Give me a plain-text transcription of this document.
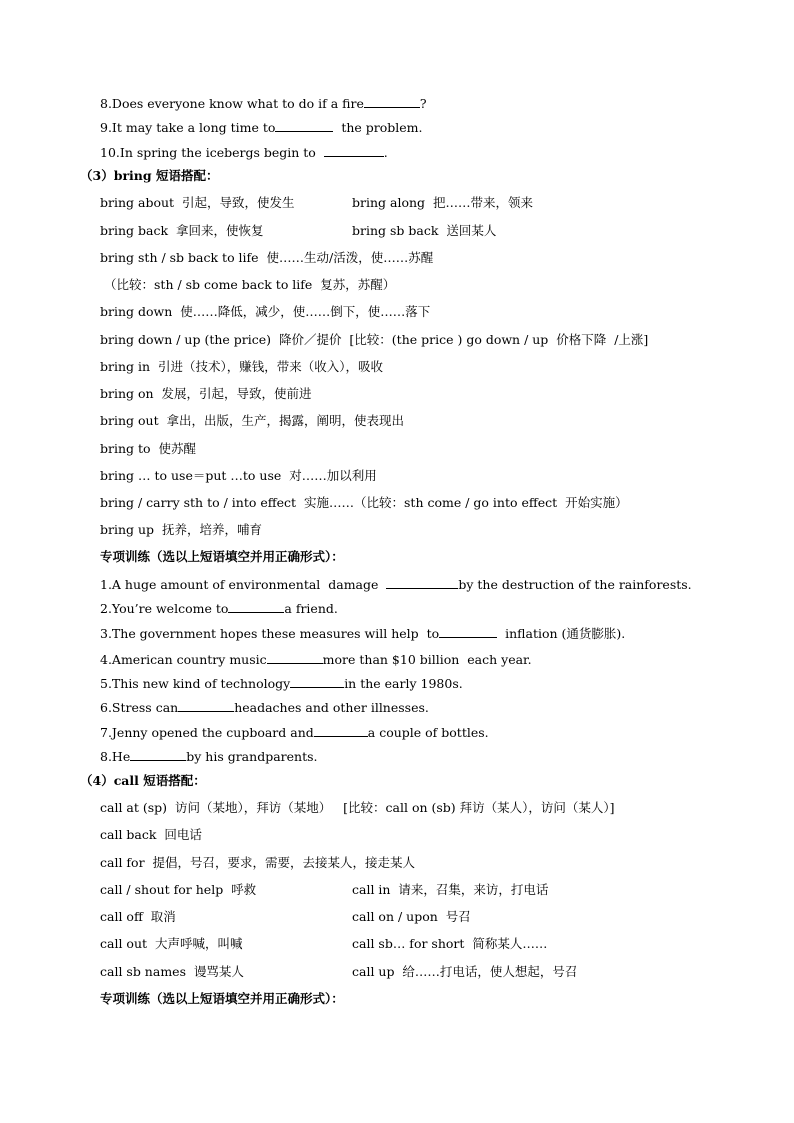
8.Does everyone know what to do if a fire	?
9.It may take a long time to	the problem.
10.In spring the icebergs begin to	.
（3）bring 短语搭配：
bring about  引起，导致，使发生	bring along  把……带来，领来
bring back  拿回来，使恢复	bring sb back  送回某人
bring sth / sb back to life  使……生动/活泼，使……苏醒
（比较：sth / sb come back to life  复苏，苏醒）
bring down  使……降低，减少，使……倒下，使……落下
bring down / up (the price)  降价／提价  [比较：(the price ) go down / up  价格下降  /上涨]
bring in  引进（技术），赚钱，带来（收入），吸收
bring on  发展，引起，导致，使前进
bring out  拿出，出版，生产，揭露，阐明，使表现出
bring to  使苏醒
bring … to use＝put …to use  对……加以利用
bring / carry sth to / into effect  实施……（比较：sth come / go into effect  开始实施）
bring up  抚养，培养，哺育
专项训练（选以上短语填空并用正确形式）：
1.A huge amount of environmental  damage	by the destruction of the rainforests.
2.You’re welcome to	a friend.
3.The government hopes these measures will help  to	inflation (通货膨胀).
4.American country music	more than $10 billion  each year.
5.This new kind of technology	in the early 1980s.
6.Stress can	headaches and other illnesses.
7.Jenny opened the cupboard and	a couple of bottles.
8.He	by his grandparents.
（4）call 短语搭配：
call at (sp)  访问（某地），拜访（某地）   [比较：call on (sb) 拜访（某人），访问（某人）]
call back  回电话
call for  提倡，号召，要求，需要，去接某人，接走某人
call / shout for help  呼救	call in  请来，召集，来访，打电话
call off  取消	call on / upon  号召
call out  大声呼喊，叫喊	call sb… for short  简称某人……
call sb names  谩骂某人	call up  给……打电话，使人想起，号召
专项训练（选以上短语填空并用正确形式）：
